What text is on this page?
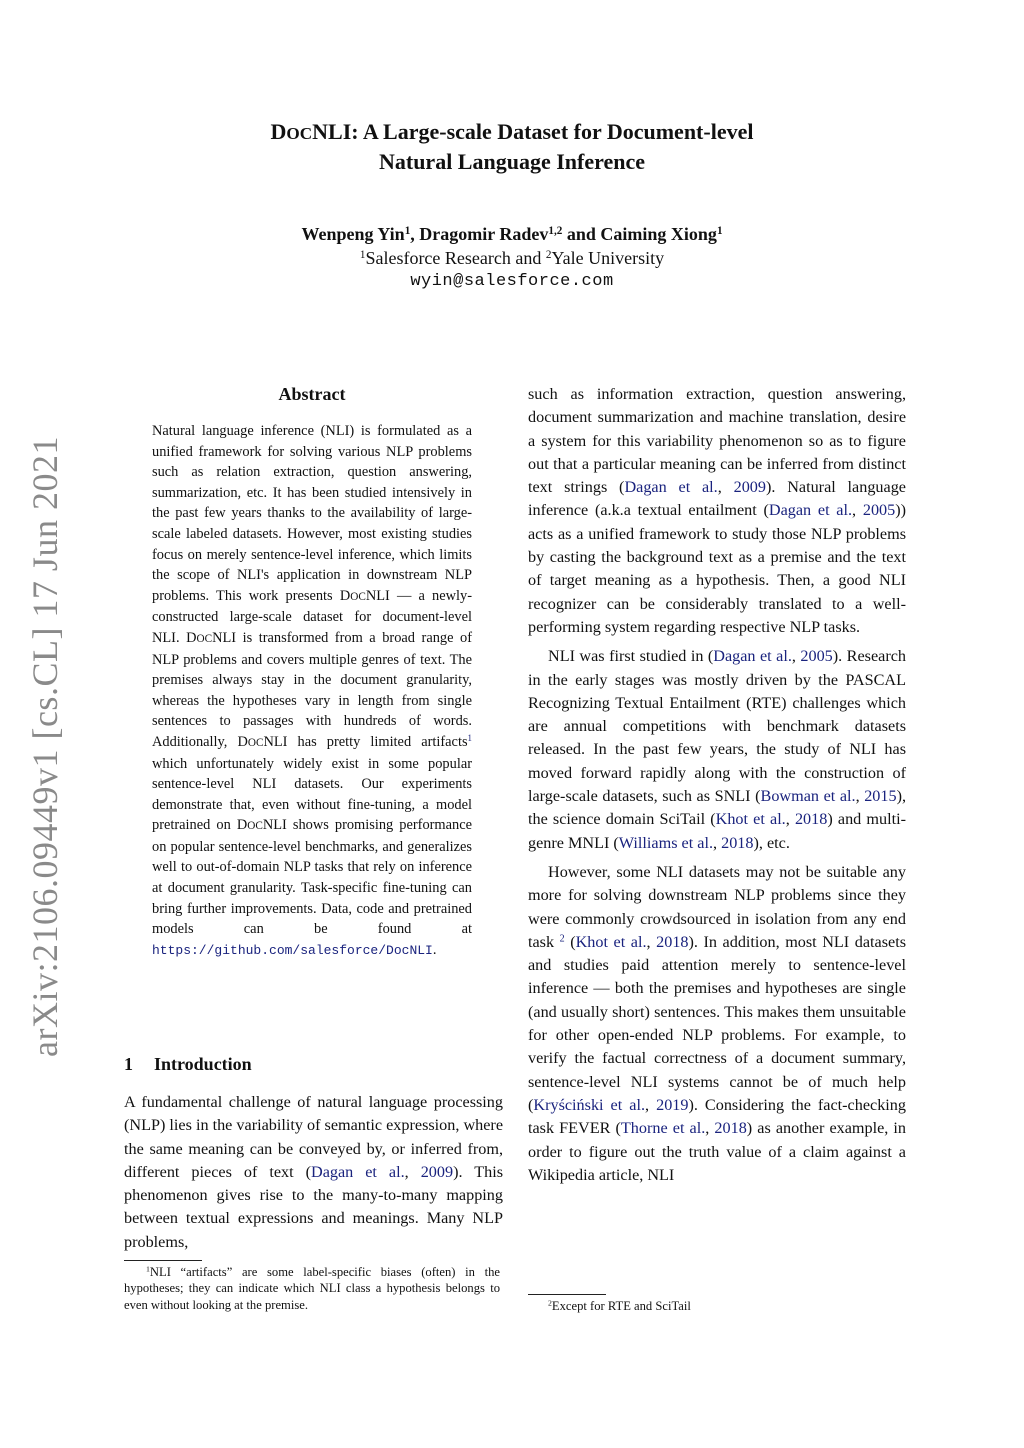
arXiv:2106.09449v1 [cs.CL] 17 Jun 2021
DOCNLI: A Large-scale Dataset for Document-level
Natural Language Inference
Wenpeng Yin$^1$, Dragomir Radev$^{1,2}$ and Caiming Xiong$^1$
$^1$Salesforce Research and $^2$Yale University
wyin@salesforce.com
Abstract
Natural language inference (NLI) is formulated as a unified framework for solving various NLP problems such as relation extraction, question answering, summarization, etc. It has been studied intensively in the past few years thanks to the availability of large-scale labeled datasets. However, most existing studies focus on merely sentence-level inference, which limits the scope of NLI's application in downstream NLP problems. This work presents DOCNLI — a newly-constructed large-scale dataset for document-level NLI. DOCNLI is transformed from a broad range of NLP problems and covers multiple genres of text. The premises always stay in the document granularity, whereas the hypotheses vary in length from single sentences to passages with hundreds of words. Additionally, DOCNLI has pretty limited artifacts$^1$ which unfortunately widely exist in some popular sentence-level NLI datasets. Our experiments demonstrate that, even without fine-tuning, a model pretrained on DOCNLI shows promising performance on popular sentence-level benchmarks, and generalizes well to out-of-domain NLP tasks that rely on inference at document granularity. Task-specific fine-tuning can bring further improvements. Data, code and pretrained models can be found at https://github.com/salesforce/DocNLI.
1 Introduction

A fundamental challenge of natural language processing (NLP) lies in the variability of semantic expression, where the same meaning can be conveyed by, or inferred from, different pieces of text (Dagan et al., 2009). This phenomenon gives rise to the many-to-many mapping between textual expressions and meanings. Many NLP problems,

$^1$NLI “artifacts” are some label-specific biases (often) in the hypotheses; they can indicate which NLI class a hypothesis belongs to even without looking at the premise.

such as information extraction, question answering, document summarization and machine translation, desire a system for this variability phenomenon so as to figure out that a particular meaning can be inferred from distinct text strings (Dagan et al., 2009). Natural language inference (a.k.a textual entailment (Dagan et al., 2005)) acts as a unified framework to study those NLP problems by casting the background text as a premise and the text of target meaning as a hypothesis. Then, a good NLI recognizer can be considerably translated to a well-performing system regarding respective NLP tasks.

NLI was first studied in (Dagan et al., 2005). Research in the early stages was mostly driven by the PASCAL Recognizing Textual Entailment (RTE) challenges which are annual competitions with benchmark datasets released. In the past few years, the study of NLI has moved forward rapidly along with the construction of large-scale datasets, such as SNLI (Bowman et al., 2015), the science domain SciTail (Khot et al., 2018) and multi-genre MNLI (Williams et al., 2018), etc.

However, some NLI datasets may not be suitable any more for solving downstream NLP problems since they were commonly crowdsourced in isolation from any end task $^2$ (Khot et al., 2018). In addition, most NLI datasets and studies paid attention merely to sentence-level inference — both the premises and hypotheses are single (and usually short) sentences. This makes them unsuitable for other open-ended NLP problems. For example, to verify the factual correctness of a document summary, sentence-level NLI systems cannot be of much help (Kryściński et al., 2019). Considering the fact-checking task FEVER (Thorne et al., 2018) as another example, in order to figure out the truth value of a claim against a Wikipedia article, NLI

$^2$Except for RTE and SciTail
